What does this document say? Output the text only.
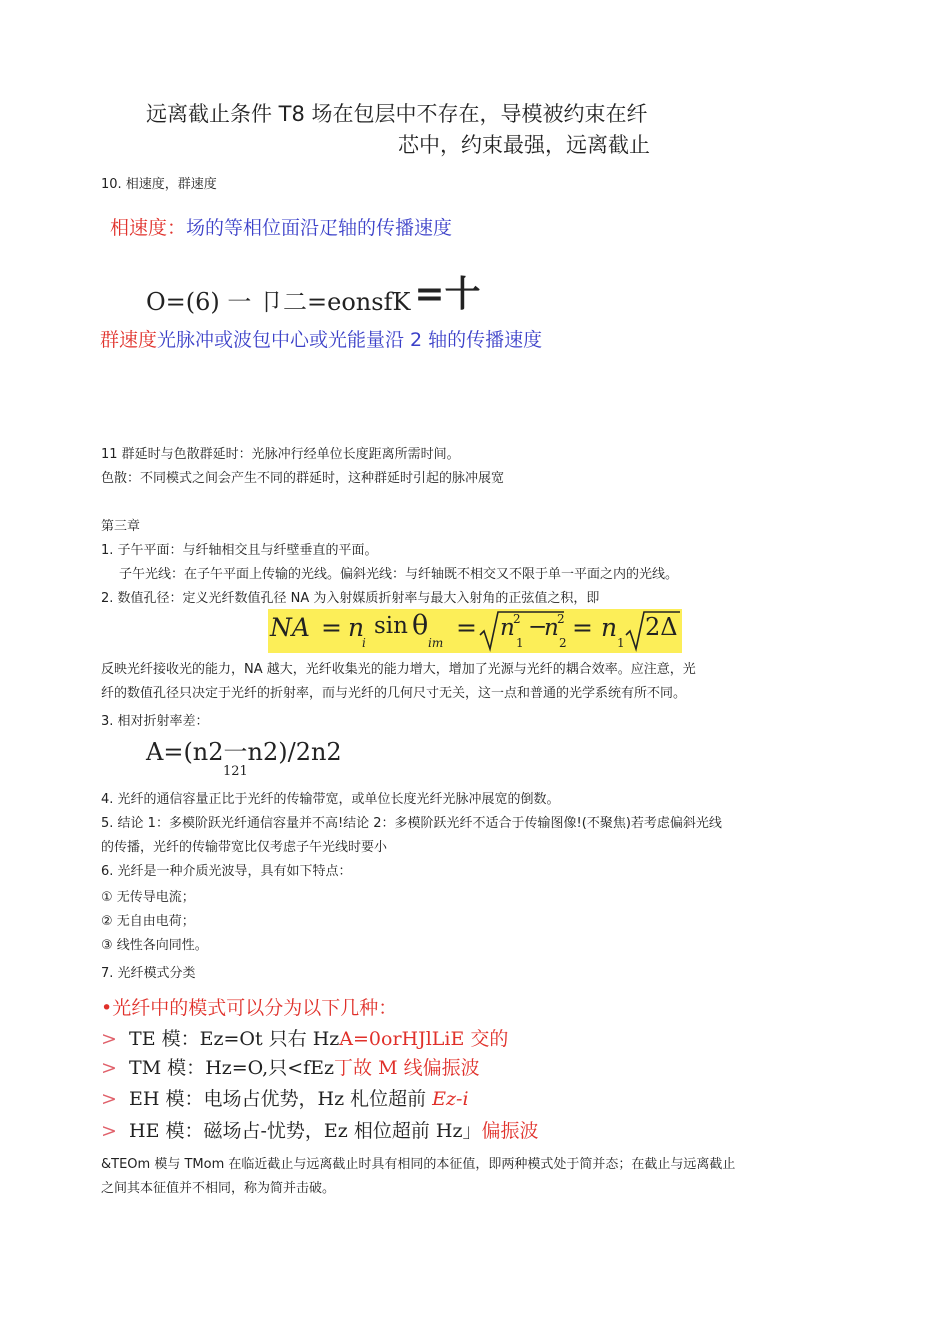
远离截止条件 T8 场在包层中不存在，导模被约束在纤
芯中，约束最强，远离截止
10. 相速度，群速度
相速度：场的等相位面沿疋轴的传播速度
O=(6) 一 卩二=eonsfK =十
群速度光脉冲或波包中心或光能量沿 2 轴的传播速度
11 群延时与色散群延时：光脉冲行经单位长度距离所需时间。
色散：不同模式之间会产生不同的群延时，这种群延时引起的脉冲展宽
第三章
1. 子午平面：与纤轴相交且与纤壁垂直的平面。
子午光线：在子午平面上传输的光线。偏斜光线：与纤轴既不相交又不限于单一平面之内的光线。
2. 数值孔径：定义光纤数值孔径 NA 为入射媒质折射率与最大入射角的正弦值之积，即
NA = n
i
sin θ
im
= n
2
1
−
n
2
2
= n
1
2Δ
反映光纤接收光的能力，NA 越大，光纤收集光的能力增大，增加了光源与光纤的耦合效率。应注意，光
纤的数值孔径只决定于光纤的折射率，而与光纤的几何尺寸无关，这一点和普通的光学系统有所不同。
3. 相对折射率差：
A=(n2一n2)/2n2
121
4. 光纤的通信容量正比于光纤的传输带宽，或单位长度光纤光脉冲展宽的倒数。
5. 结论 1：多模阶跃光纤通信容量并不高!结论 2：多模阶跃光纤不适合于传输图像!(不聚焦)若考虑偏斜光线
的传播，光纤的传输带宽比仅考虑子午光线时要小
6. 光纤是一种介质光波导，具有如下特点：
① 无传导电流；
② 无自由电荷；
③ 线性各向同性。
7. 光纤模式分类
•光纤中的模式可以分为以下几种：
> TE 模：Ez=Ot 只右 HzA=0orHJlLiE 交的
> TM 模：Hz=O,只<fEz丁故 M 线偏振波
> EH 模：电场占优势，Hz 札位超前 Ez-i
> HE 模：磁场占-忧势，Ez 相位超前 Hz」偏振波
&TEOm 模与 TMom 在临近截止与远离截止时具有相同的本征值，即两种模式处于简并态；在截止与远离截止
之间其本征值并不相同，称为简并击破。
